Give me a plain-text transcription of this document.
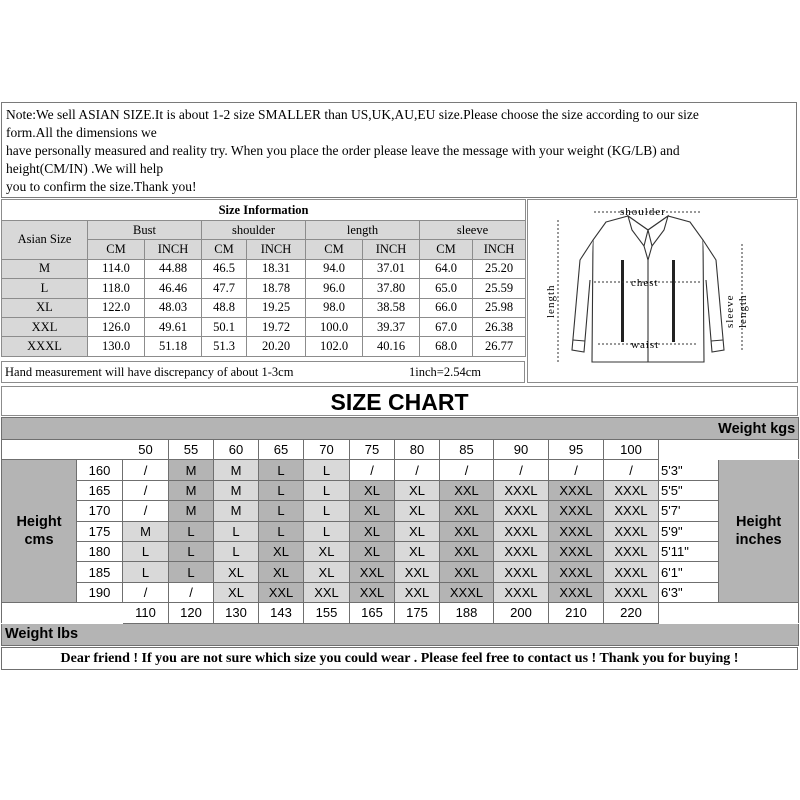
Note:We sell ASIAN SIZE.It is about 1-2 size SMALLER than US,UK,AU,EU size.Please choose the size according to our size
form.All the dimensions we
have personally measured and reality try. When you place the order please leave the message with your weight (KG/LB) and
height(CM/IN) .We will help
you to confirm the size.Thank you!
Size Information								
Asian Size	Bust		shoulder		length		sleeve	
	CM	INCH	CM	INCH	CM	INCH	CM	INCH
M	114.0	44.88	46.5	18.31	94.0	37.01	64.0	25.20
L	118.0	46.46	47.7	18.78	96.0	37.80	65.0	25.59
XL	122.0	48.03	48.8	19.25	98.0	38.58	66.0	25.98
XXL	126.0	49.61	50.1	19.72	100.0	39.37	67.0	26.38
XXXL	130.0	51.18	51.3	20.20	102.0	40.16	68.0	26.77
Hand measurement will have discrepancy of about 1-3cm	1inch=2.54cm
shoulder
chest
waist
length	sleeve length
SIZE CHART
Weight kgs														
		50	55	60	65	70	75	80	85	90	95	100		
Height cms	160	/	M	M	L	L	/	/	/	/	/	/	5'3"	Height inches
	165	/	M	M	L	L	XL	XL	XXL	XXXL	XXXL	XXXL	5'5"	
	170	/	M	M	L	L	XL	XL	XXL	XXXL	XXXL	XXXL	5'7'	
	175	M	L	L	L	L	XL	XL	XXL	XXXL	XXXL	XXXL	5'9"	
	180	L	L	L	XL	XL	XL	XL	XXL	XXXL	XXXL	XXXL	5'11"	
	185	L	L	XL	XL	XL	XXL	XXL	XXL	XXXL	XXXL	XXXL	6'1"	
	190	/	/	XL	XXL	XXL	XXL	XXL	XXXL	XXXL	XXXL	XXXL	6'3"	
		110	120	130	143	155	165	175	188	200	210	220		
Weight lbs														
Dear friend ! If you are not sure which size you could wear . Please feel free to contact us ! Thank you for buying !
